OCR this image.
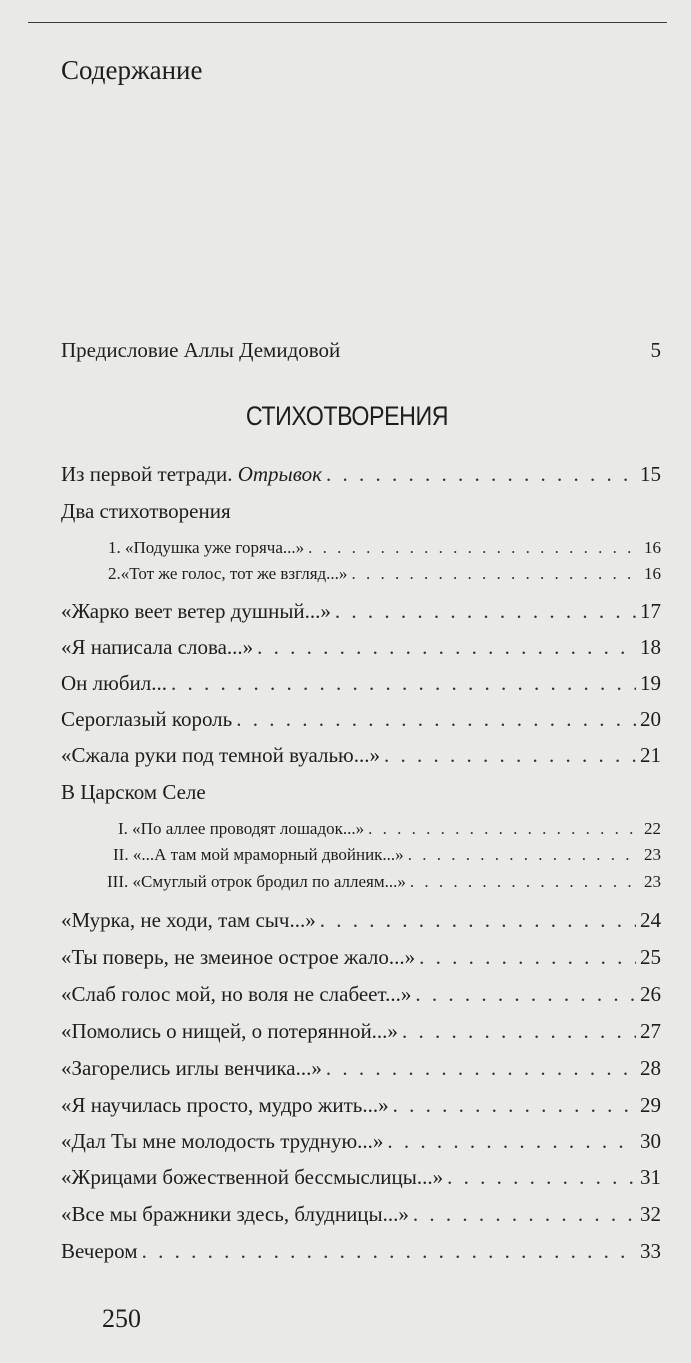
Содержание
Предисловие Аллы Демидовой	5
СТИХОТВОРЕНИЯ
Из первой тетради. Отрывок . . .	15
Два стихотворения
1. «Подушка уже горяча...» . . .	16
2.«Тот же голос, тот же взгляд...» . . .	16
«Жарко веет ветер душный...» . . .	17
«Я написала слова...» . . .	18
Он любил... . . .	19
Сероглазый король . . .	20
«Сжала руки под темной вуалью...» . . .	21
В Царском Селе
I. «По аллее проводят лошадок...» . . .	22
II. «...А там мой мраморный двойник...» . . .	23
III. «Смуглый отрок бродил по аллеям...» . . .	23
«Мурка, не ходи, там сыч...» . . .	24
«Ты поверь, не змеиное острое жало...» . . .	25
«Слаб голос мой, но воля не слабеет...» . . .	26
«Помолись о нищей, о потерянной...» . . .	27
«Загорелись иглы венчика...» . . .	28
«Я научилась просто, мудро жить...» . . .	29
«Дал Ты мне молодость трудную...» . . .	30
«Жрицами божественной бессмыслицы...» . . .	31
«Все мы бражники здесь, блудницы...» . . .	32
Вечером . . .	33
250
